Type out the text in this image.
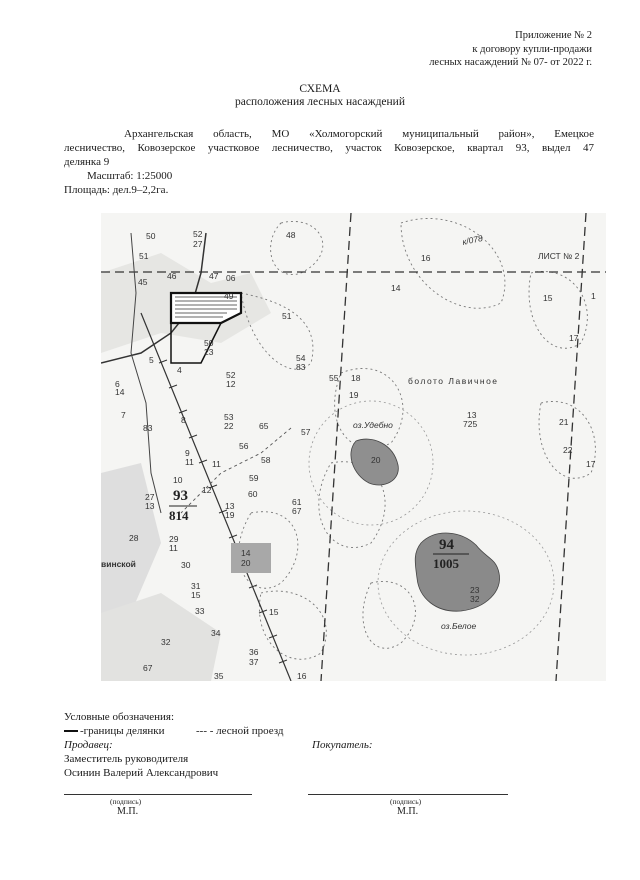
Приложение № 2
к договору купли-продажи
лесных насаждений № 07- от 2022 г.
СХЕМА
расположения лесных насаждений
Архангельская область, МО «Холмогорский муниципальный район», Емецкое
лесничество, Ковозерское участковое лесничество, участок Ковозерское, квартал 93, выдел 47
делянка 9
Масштаб: 1:25000
Площадь: дел.9–2,2га.
50	52
27
48
51
46	47 06
49
16
14
15	1
17
45
51
50
23
54
83
5
52
12
55 18
19
4
6
14
7	8	53
22	65
57
83
13
725	21
22
17
9
11 11
56
58	20
10	59
12	60
27
13	13
19
61
67
28	29
11	14
20
30
31
15
33	15
34
23
32
32
67
36
37
35	16
93
814
94
1005
болото Лавичное
оз.Удебно
оз.Белое
ЛИСТ № 2
винской
к/078
Условные обозначения:
-границы делянки	--- - лесной проезд
Продавец:	Покупатель:
Заместитель руководителя
Осинин Валерий Александрович
(подпись)	(подпись)
М.П.	М.П.
